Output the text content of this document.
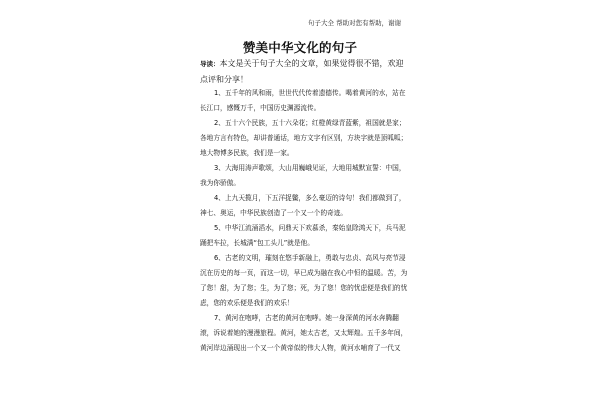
句子大全 帮助对您有帮助，谢谢
赞美中华文化的句子
导读：本文是关于句子大全的文章，如果觉得很不错，欢迎点评和分享！

1、五千年的风和雨，世世代代传着遗德传。喝着黄河的水，站在长江口，感慨万千，中国历史渊源流传。

2、五十六个民族，五十六朵花；红橙黄绿青蓝紫，祖国就是家；各地方言有特色，却讲普通话，地方文字有区别，方块字就是顶呱呱；地大物博多民族，我们是一家。

3、大海用涛声歌颂，大山用巍峨见证，大地用城默宣誓：中国，我为你骄傲。

4、上九天揽月，下五洋捉鳖，多么豪迈的诗句！我们都做到了，神七、奥运，中华民族创造了一个又一个的奇迹。

5、中华江流涌滔水，问鼎天下欢慕杀，秦始皇除鸿天下，兵马泥踊把车拉，长城满“包工头儿”就是他。

6、古老的文明，璀刻在悠手新融上，勇敢与忠贞、高风与亮节浸沉在历史的每一页，而这一切，早已成为融在我心中恒的温暖。苦，为了您！甜，为了您；生，为了您；死，为了您！您的忧虑便是我们的忧虑，您的欢乐便是我们的欢乐！

7、黄河在咆哮，古老的黄河在咆哮。她一身深黄的河水奔腾翻滚，诉说着她的漫漫旅程。黄河，她太古老，又太辉煌。五千多年间，黄河岸边涌现出一个又一个黄帝似的伟大人物，黄河水哺育了一代又
